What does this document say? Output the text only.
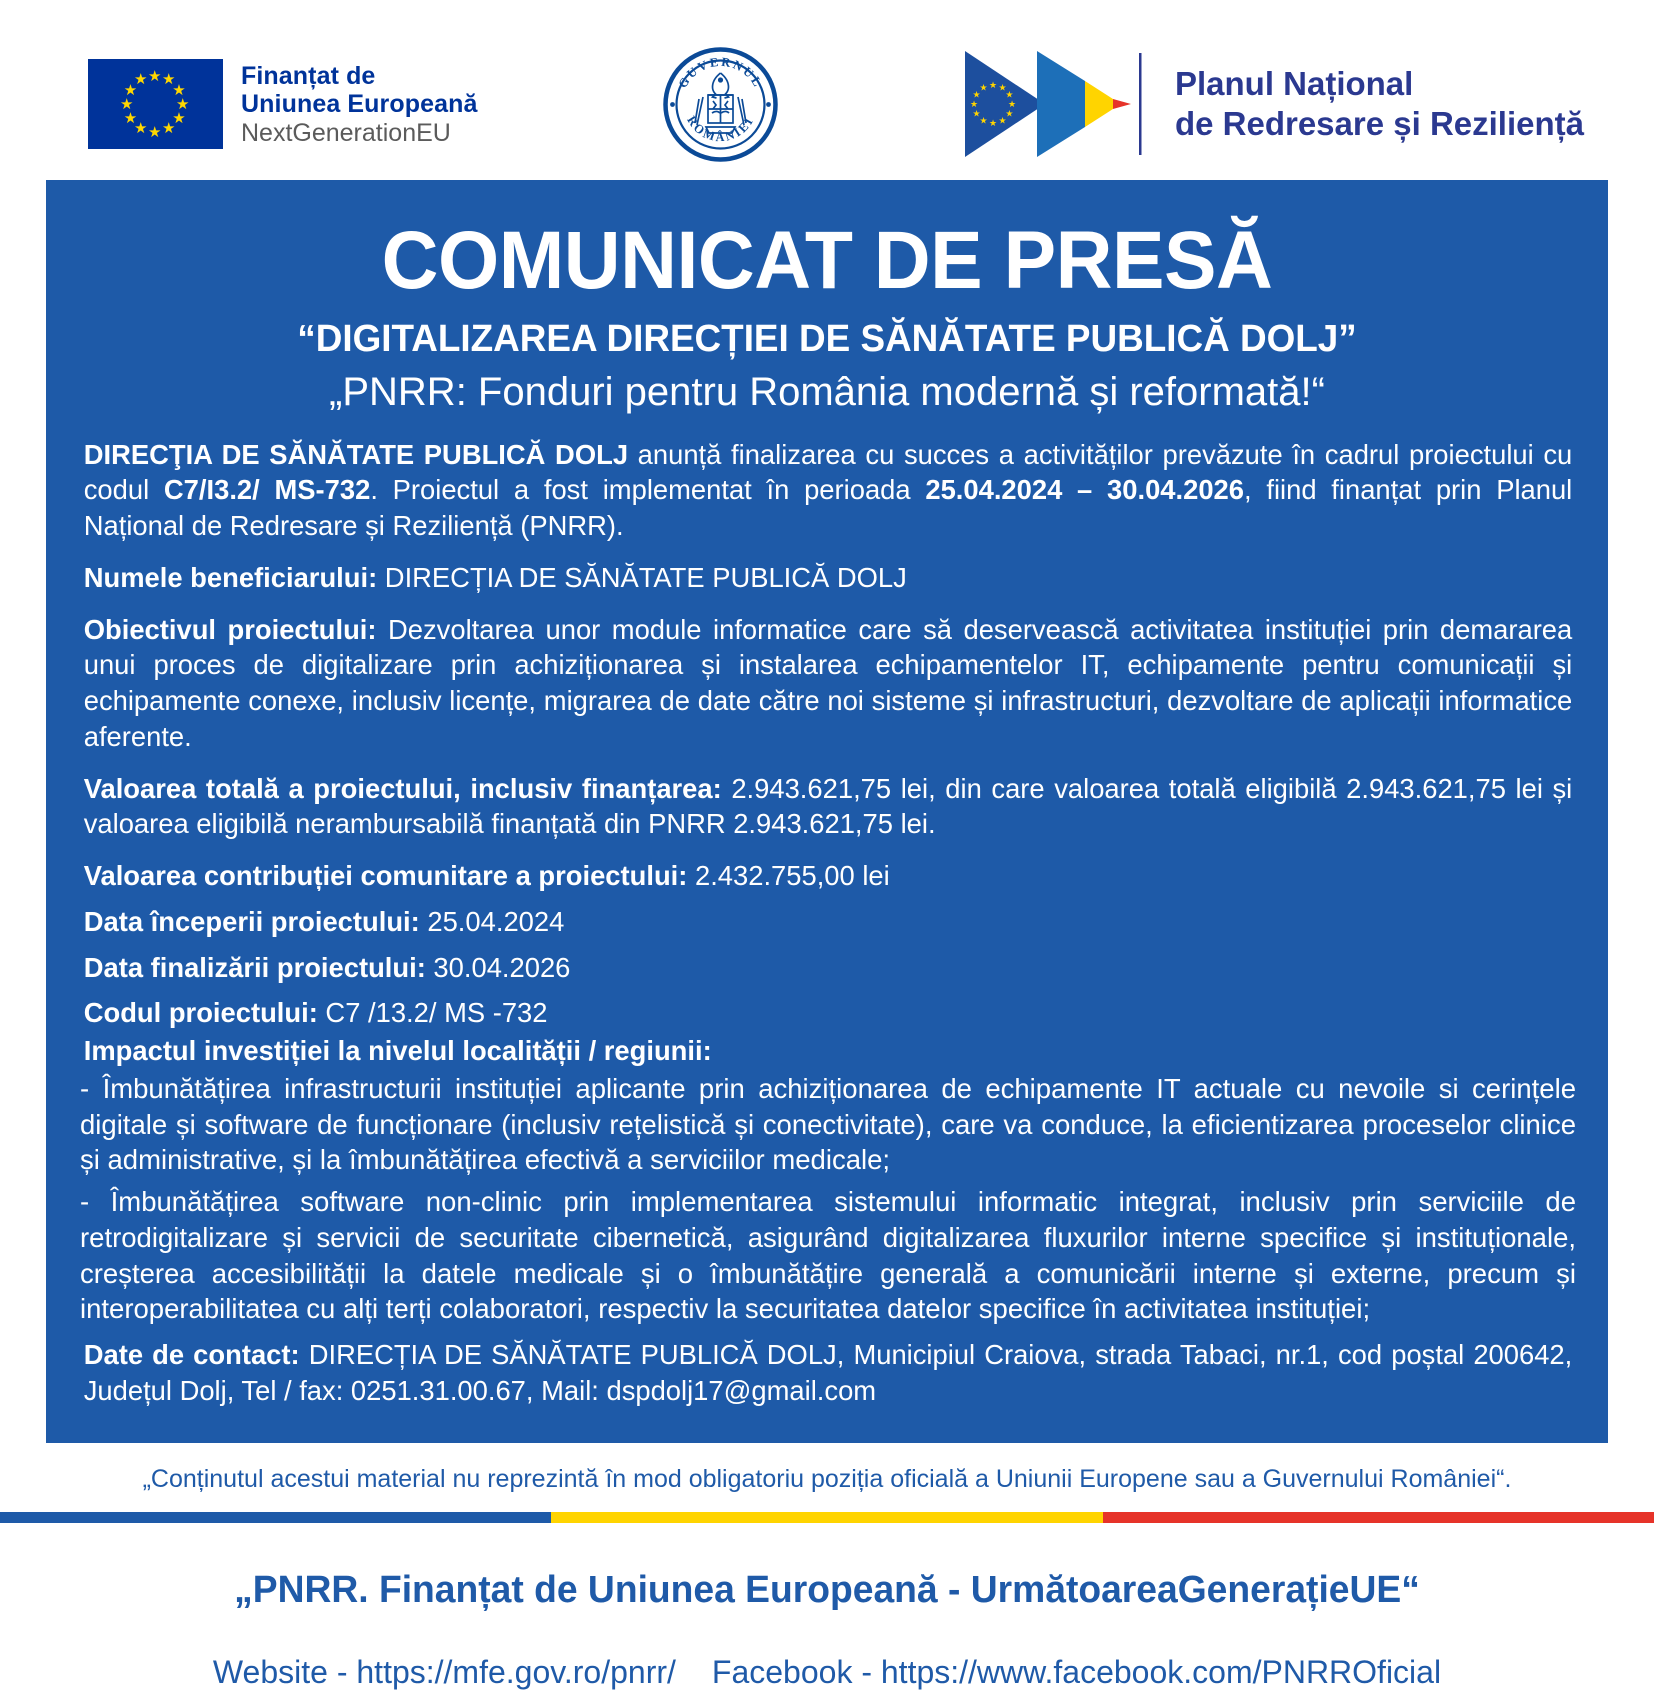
★ ★
★
★
★
★
★
★
★
★
★
★	Finanțat de
Uniunea Europeană
NextGenerationEU
GUVERNUL
ROMÂNIEI
★ ★
★
★
★
★
★
★
★
★
★
★	Planul Național
de Redresare și Reziliență
COMUNICAT DE PRESĂ
“DIGITALIZAREA DIRECȚIEI DE SĂNĂTATE PUBLICĂ DOLJ”
„PNRR: Fonduri pentru România modernă și reformată!“

DIRECŢIA DE SĂNĂTATE PUBLICĂ DOLJ anunță finalizarea cu succes a activităților prevăzute în cadrul proiectului cu codul C7/I3.2/ MS-732. Proiectul a fost implementat în perioada 25.04.2024 – 30.04.2026, fiind finanțat prin Planul Național de Redresare și Reziliență (PNRR).

Numele beneficiarului: DIRECȚIA DE SĂNĂTATE PUBLICĂ DOLJ

Obiectivul proiectului: Dezvoltarea unor module informatice care să deservească activitatea instituției prin demararea unui proces de digitalizare prin achiziționarea și instalarea echipamentelor IT, echipamente pentru comunicații și echipamente conexe, inclusiv licențe, migrarea de date către noi sisteme și infrastructuri, dezvoltare de aplicații informatice aferente.

Valoarea totală a proiectului, inclusiv finanțarea: 2.943.621,75 lei, din care valoarea totală eligibilă 2.943.621,75 lei și valoarea eligibilă nerambursabilă finanțată din PNRR 2.943.621,75 lei.

Valoarea contribuției comunitare a proiectului: 2.432.755,00 lei

Data începerii proiectului: 25.04.2024

Data finalizării proiectului: 30.04.2026

Codul proiectului: C7 /13.2/ MS -732

Impactul investiției la nivelul localității / regiunii:

- Îmbunătățirea infrastructurii instituției aplicante prin achiziționarea de echipamente IT actuale cu nevoile si cerințele digitale și software de funcționare (inclusiv rețelistică și conectivitate), care va conduce, la eficientizarea proceselor clinice și administrative, și la îmbunătățirea efectivă a serviciilor medicale;

- Îmbunătățirea software non-clinic prin implementarea sistemului informatic integrat, inclusiv prin serviciile de retrodigitalizare și servicii de securitate cibernetică, asigurând digitalizarea fluxurilor interne specifice și instituționale, creșterea accesibilității la datele medicale și o îmbunătățire generală a comunicării interne și externe, precum și interoperabilitatea cu alți terți colaboratori, respectiv la securitatea datelor specifice în activitatea instituției;

Date de contact: DIRECȚIA DE SĂNĂTATE PUBLICĂ DOLJ, Municipiul Craiova, strada Tabaci, nr.1, cod poștal 200642, Județul Dolj, Tel / fax: 0251.31.00.67, Mail: dspdolj17@gmail.com

„Conținutul acestui material nu reprezintă în mod obligatoriu poziția oficială a Uniunii Europene sau a Guvernului României“.
„PNRR. Finanțat de Uniunea Europeană - UrmătoareaGenerațieUE“
Website - https://mfe.gov.ro/pnrr/ Facebook - https://www.facebook.com/PNRROficial
